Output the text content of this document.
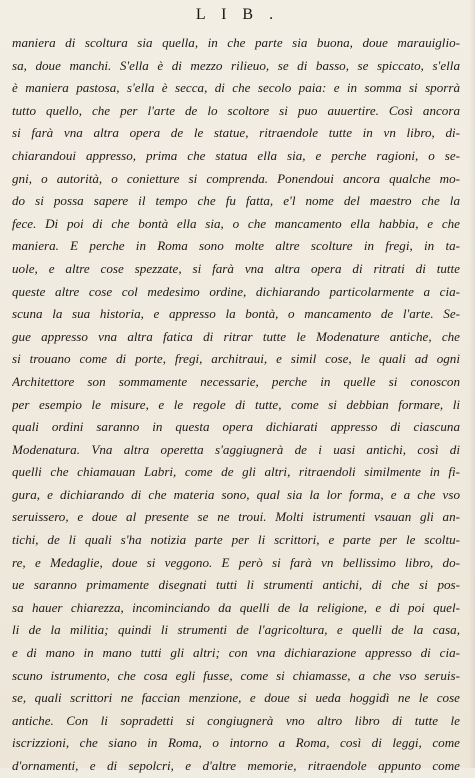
L I B .
maniera di scoltura sia quella, in che parte sia buona, doue marauiglio-
sa, doue manchi. S'ella è di mezzo rilieuo, se di basso, se spiccato, s'ella
è maniera pastosa, s'ella è secca, di che secolo paia: e in somma si sporrà
tutto quello, che per l'arte de lo scoltore si puo auuertire. Così ancora
si farà vna altra opera de le statue, ritraendole tutte in vn libro, di-
chiarandoui appresso, prima che statua ella sia, e perche ragioni, o se-
gni, o autorità, o conietture si comprenda. Ponendoui ancora qualche mo-
do si possa sapere il tempo che fu fatta, e'l nome del maestro che la
fece. Di poi di che bontà ella sia, o che mancamento ella habbia, e che
maniera. E perche in Roma sono molte altre scolture in fregi, in ta-
uole, e altre cose spezzate, si farà vna altra opera di ritrati di tutte
queste altre cose col medesimo ordine, dichiarando particolarmente a cia-
scuna la sua historia, e appresso la bontà, o mancamento de l'arte. Se-
gue appresso vna altra fatica di ritrar tutte le Modenature antiche, che
si trouano come di porte, fregi, architraui, e simil cose, le quali ad ogni
Architettore son sommamente necessarie, perche in quelle si conoscon
per esempio le misure, e le regole di tutte, come si debbian formare, li
quali ordini saranno in questa opera dichiarati appresso di ciascuna
Modenatura. Vna altra operetta s'aggiugnerà de i uasi antichi, così di
quelli che chiamauan Labri, come de gli altri, ritraendoli similmente in fi-
gura, e dichiarando di che materia sono, qual sia la lor forma, e a che vso
seruissero, e doue al presente se ne troui. Molti istrumenti vsauan gli an-
tichi, de li quali s'ha notizia parte per li scrittori, e parte per le scoltu-
re, e Medaglie, doue si veggono. E però si farà vn bellissimo libro, do-
ue saranno primamente disegnati tutti li strumenti antichi, di che si pos-
sa hauer chiarezza, incominciando da quelli de la religione, e di poi quel-
li de la militia; quindi li strumenti de l'agricoltura, e quelli de la casa,
e di mano in mano tutti gli altri; con vna dichiarazione appresso di cia-
scuno istrumento, che cosa egli fusse, come si chiamasse, a che vso seruis-
se, quali scrittori ne faccian menzione, e doue si ueda hoggidì ne le cose
antiche. Con li sopradetti si congiugnerà vno altro libro di tutte le
iscrizzioni, che siano in Roma, o intorno a Roma, così di leggi, come
d'ornamenti, e di sepolcri, e d'altre memorie, ritraendole appunto come
